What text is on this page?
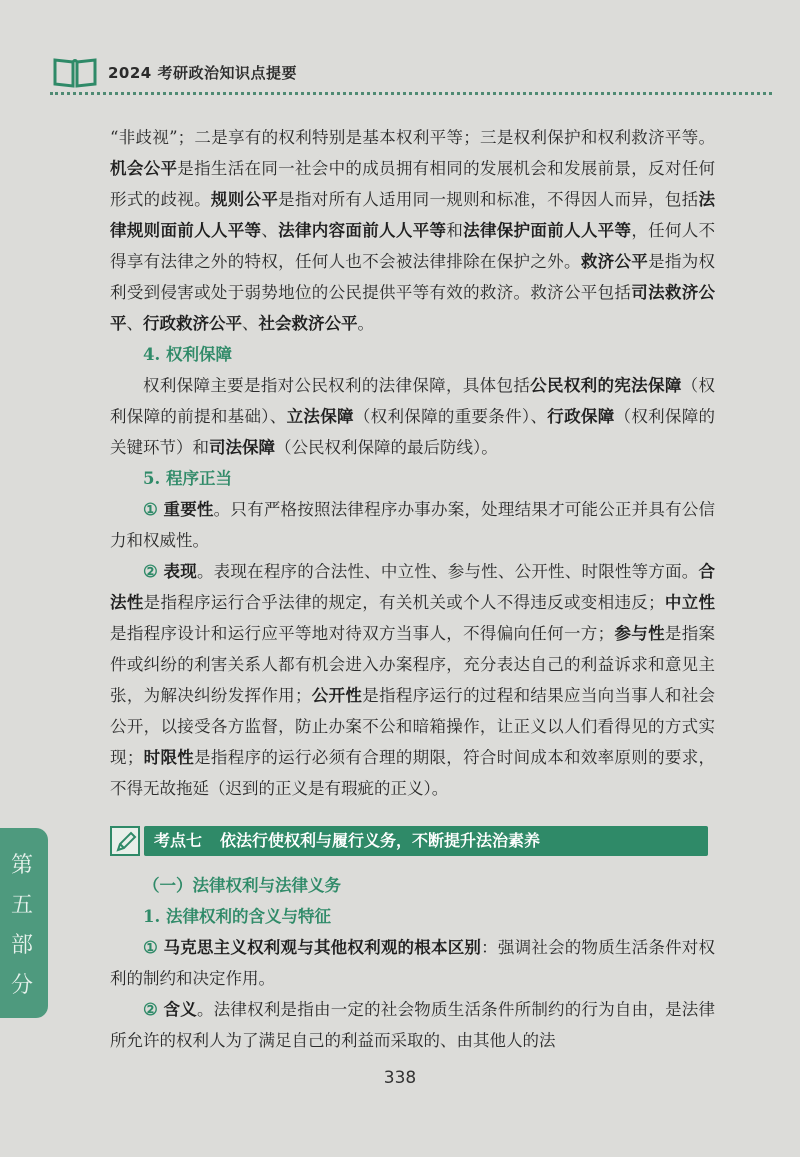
2024 考研政治知识点提要

“非歧视”；二是享有的权利特别是基本权利平等；三是权利保护和权利救济平等。机会公平是指生活在同一社会中的成员拥有相同的发展机会和发展前景，反对任何形式的歧视。规则公平是指对所有人适用同一规则和标准，不得因人而异，包括法律规则面前人人平等、法律内容面前人人平等和法律保护面前人人平等，任何人不得享有法律之外的特权，任何人也不会被法律排除在保护之外。救济公平是指为权利受到侵害或处于弱势地位的公民提供平等有效的救济。救济公平包括司法救济公平、行政救济公平、社会救济公平。

4. 权利保障

权利保障主要是指对公民权利的法律保障，具体包括公民权利的宪法保障（权利保障的前提和基础）、立法保障（权利保障的重要条件）、行政保障（权利保障的关键环节）和司法保障（公民权利保障的最后防线）。

5. 程序正当

① 重要性。只有严格按照法律程序办事办案，处理结果才可能公正并具有公信力和权威性。

② 表现。表现在程序的合法性、中立性、参与性、公开性、时限性等方面。合法性是指程序运行合乎法律的规定，有关机关或个人不得违反或变相违反；中立性是指程序设计和运行应平等地对待双方当事人，不得偏向任何一方；参与性是指案件或纠纷的利害关系人都有机会进入办案程序，充分表达自己的利益诉求和意见主张，为解决纠纷发挥作用；公开性是指程序运行的过程和结果应当向当事人和社会公开，以接受各方监督，防止办案不公和暗箱操作，让正义以人们看得见的方式实现；时限性是指程序的运行必须有合理的期限，符合时间成本和效率原则的要求，不得无故拖延（迟到的正义是有瑕疵的正义）。

考点七 依法行使权利与履行义务，不断提升法治素养

（一）法律权利与法律义务

1. 法律权利的含义与特征

① 马克思主义权利观与其他权利观的根本区别：强调社会的物质生活条件对权利的制约和决定作用。

② 含义。法律权利是指由一定的社会物质生活条件所制约的行为自由，是法律所允许的权利人为了满足自己的利益而采取的、由其他人的法

第五部分
338
